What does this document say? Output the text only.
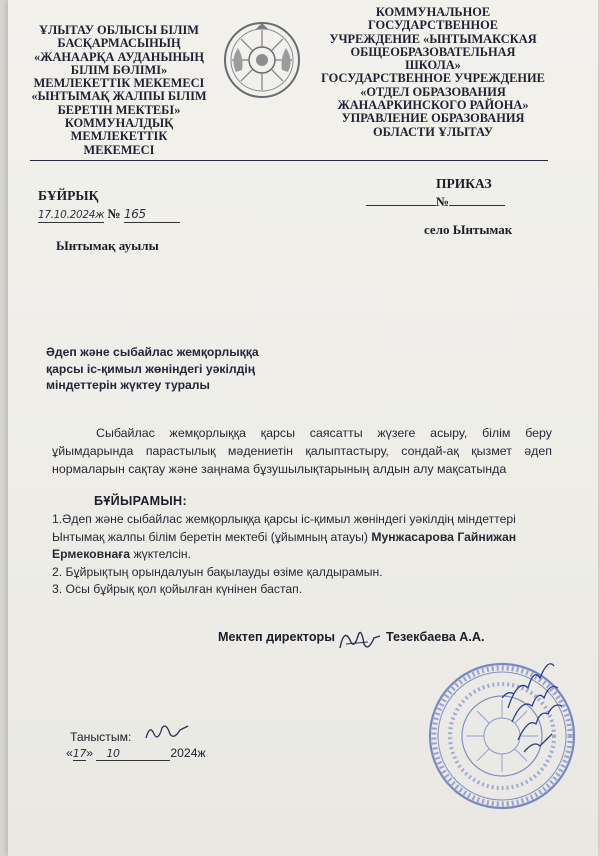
ҰЛЫТАУ ОБЛЫСЫ БІЛІМ
БАСҚАРМАСЫНЫҢ
«ЖАНААРҚА АУДАНЫНЫҢ
БІЛІМ БӨЛІМІ»
МЕМЛЕКЕТТІК МЕКЕМЕСІ
«ЫНТЫМАҚ ЖАЛПЫ БІЛІМ
БЕРЕТІН МЕКТЕБІ»
КОММУНАЛДЫҚ
МЕМЛЕКЕТТІК
МЕКЕМЕСІ
КОММУНАЛЬНОЕ
ГОСУДАРСТВЕННОЕ
УЧРЕЖДЕНИЕ «ЫНТЫМАКСКАЯ
ОБЩЕОБРАЗОВАТЕЛЬНАЯ
ШКОЛА»
ГОСУДАРСТВЕННОЕ УЧРЕЖДЕНИЕ
«ОТДЕЛ ОБРАЗОВАНИЯ
ЖАНААРКИНСКОГО РАЙОНА»
УПРАВЛЕНИЕ ОБРАЗОВАНИЯ
ОБЛАСТИ ҰЛЫТАУ
БҰЙРЫҚ
ПРИКАЗ
17.10.2024ж № 165
№
Ынтымақ ауылы
село Ынтымак
Әдеп және сыбайлас жемқорлыққа
қарсы іс-қимыл жөніндегі уәкілдің
міндеттерін жүктеу туралы

Сыбайлас жемқорлыққа қарсы саясатты жүзеге асыру, білім беру ұйымдарында парастылық мәдениетін қалыптастыру, сондай-ақ қызмет әдеп нормаларын сақтау және заңнама бұзушылықтарының алдын алу мақсатында

БҰЙЫРАМЫН:
1.Әдеп және сыбайлас жемқорлыққа қарсы іс-қимыл жөніндегі уәкілдің міндеттері Ынтымақ жалпы білім беретін мектебі (ұйымның атауы) Мунжасарова Гайнижан Ермековнаға жүктелсін.
2. Бұйрықтың орындалуын бақылауды өзіме қалдырамын.
3. Осы бұйрық қол қойылған күнінен бастап.
Мектеп директоры	Тезекбаева А.А.
Таныстым:
«17» 10	2024ж
